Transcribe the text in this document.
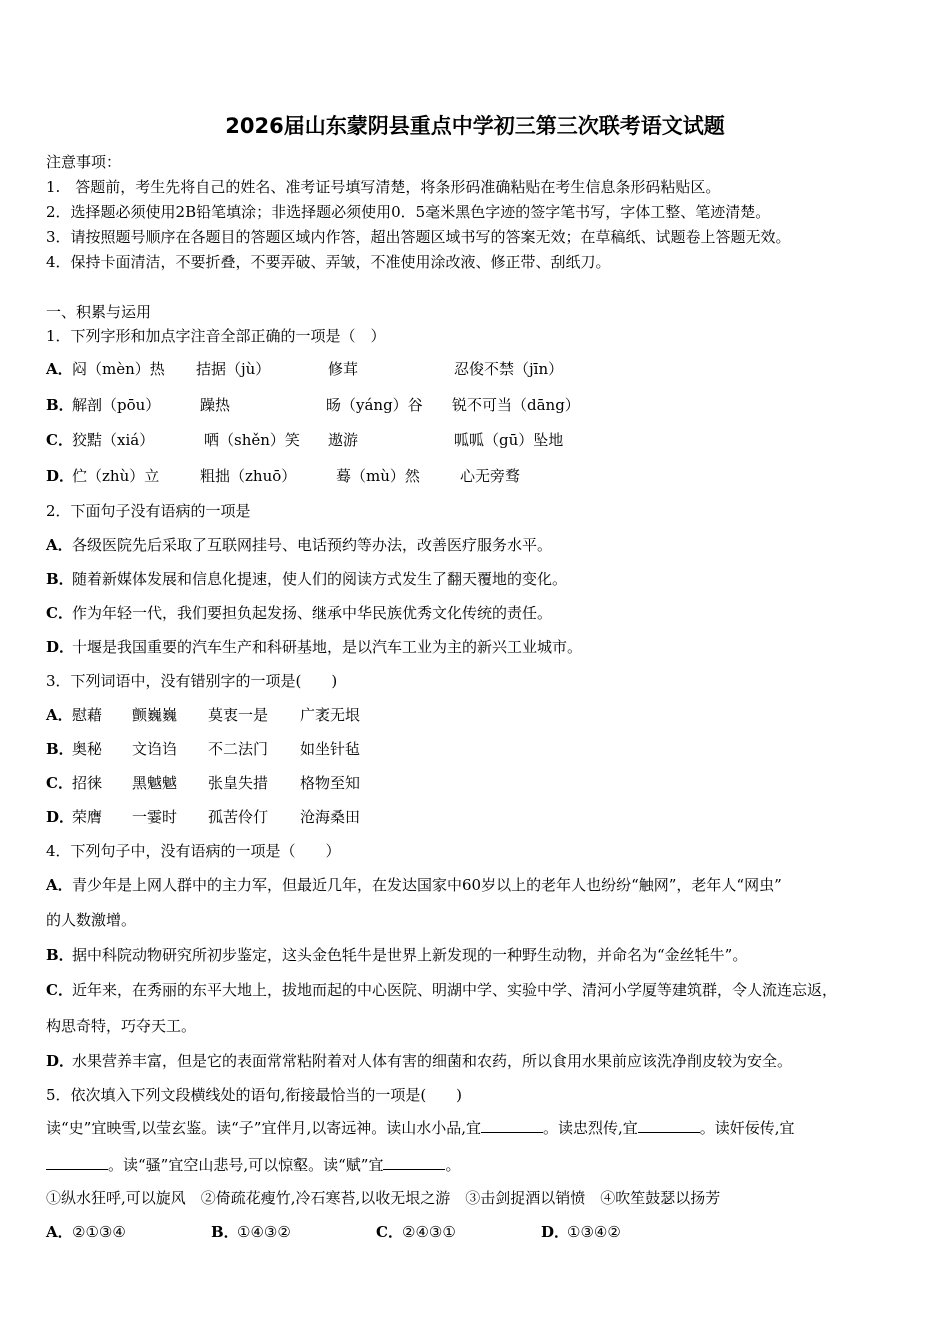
2026届山东蒙阴县重点中学初三第三次联考语文试题
注意事项：
1.　答题前，考生先将自己的姓名、准考证号填写清楚，将条形码准确粘贴在考生信息条形码粘贴区。
2．选择题必须使用2B铅笔填涂；非选择题必须使用0．5毫米黑色字迹的签字笔书写，字体工整、笔迹清楚。
3．请按照题号顺序在各题目的答题区域内作答，超出答题区域书写的答案无效；在草稿纸、试题卷上答题无效。
4．保持卡面清洁，不要折叠，不要弄破、弄皱，不准使用涂改液、修正带、刮纸刀。
一、积累与运用
1．下列字形和加点字注音全部正确的一项是（　）
A．闷（mèn）热 拮据（jù）	修茸	忍俊不禁（jīn）
B．解剖（pōu）	躁热	旸（yáng）谷 锐不可当（dāng）
C．狡黠（xiá）	哂（shěn）笑 遨游	呱呱（gū）坠地
D．伫（zhù）立	粗拙（zhuō）	蓦（mù）然	心无旁骛
2．下面句子没有语病的一项是
A．各级医院先后采取了互联网挂号、电话预约等办法，改善医疗服务水平。
B．随着新媒体发展和信息化提速，使人们的阅读方式发生了翻天覆地的变化。
C．作为年轻一代，我们要担负起发扬、继承中华民族优秀文化传统的责任。
D．十堰是我国重要的汽车生产和科研基地，是以汽车工业为主的新兴工业城市。
3．下列词语中，没有错别字的一项是(　　)
A．慰藉 颤巍巍 莫衷一是 广袤无垠
B．奥秘 文诌诌 不二法门 如坐针毡
C．招徕 黑魆魆 张皇失措 格物至知
D．荣膺 一霎时 孤苦伶仃 沧海桑田
4．下列句子中，没有语病的一项是（　　）
A．青少年是上网人群中的主力军，但最近几年，在发达国家中60岁以上的老年人也纷纷“触网”，老年人“网虫”
的人数激增。
B．据中科院动物研究所初步鉴定，这头金色牦牛是世界上新发现的一种野生动物，并命名为“金丝牦牛”。
C．近年来，在秀丽的东平大地上，拔地而起的中心医院、明湖中学、实验中学、清河小学厦等建筑群，令人流连忘返，
构思奇特，巧夺天工。
D．水果营养丰富，但是它的表面常常粘附着对人体有害的细菌和农药，所以食用水果前应该洗净削皮较为安全。
5．依次填入下列文段横线处的语句,衔接最恰当的一项是(　　)
读“史”宜映雪,以莹玄鉴。读“子”宜伴月,以寄远神。读山水小品,宜	。读忠烈传,宜	。读奸佞传,宜
。读“骚”宜空山悲号,可以惊壑。读“赋”宜	。
①纵水狂呼,可以旋风　②倚疏花瘦竹,冷石寒苔,以收无垠之游　③击剑捉酒以销愤　④吹笙鼓瑟以扬芳
A．②①③④	B．①④③②	C．②④③①	D．①③④②
